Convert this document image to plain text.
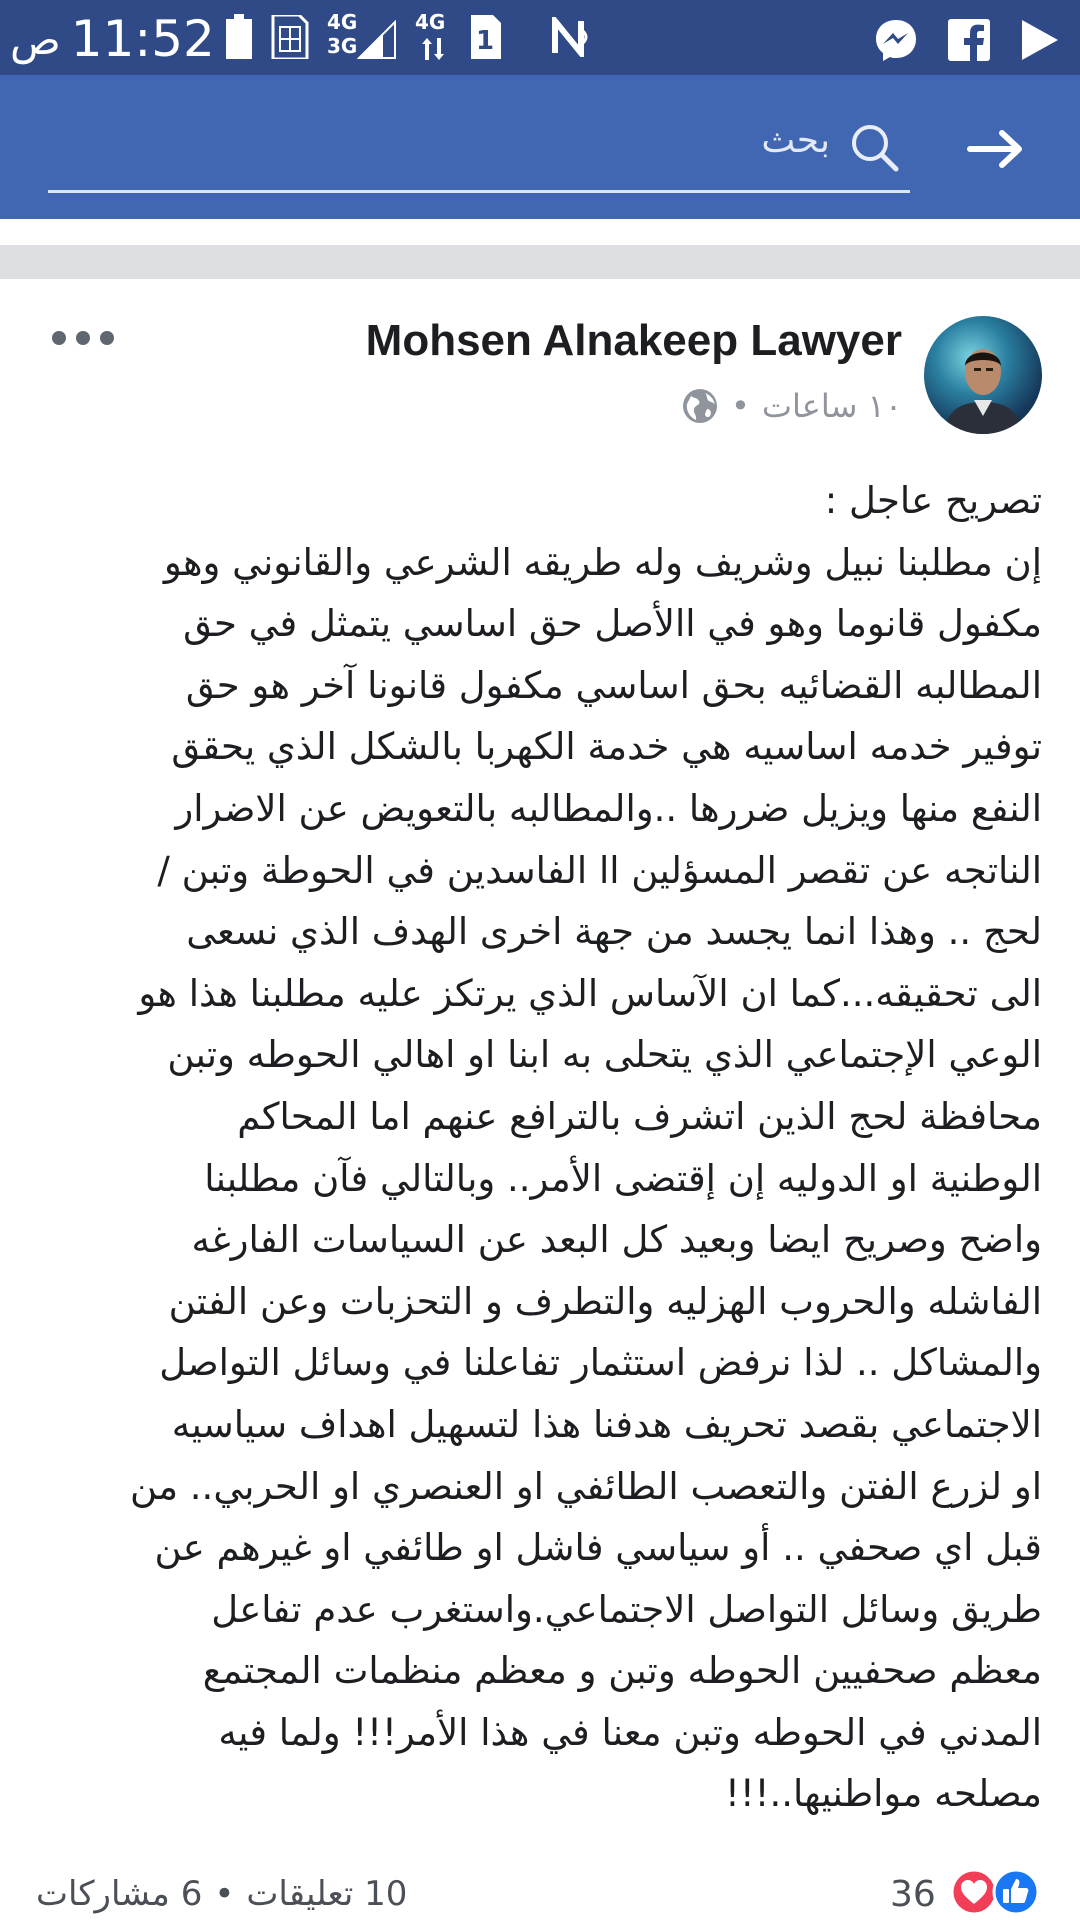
ص 11:52	4G
3G
4G
1
بحث
Mohsen Alnakeep Lawyer
١٠ ساعات
•
تصريح عاجل :
إن مطلبنا نبيل وشريف وله طريقه الشرعي والقانوني وهو
مكفول قانوما وهو في االأصل حق اساسي يتمثل في حق
المطالبه القضائيه بحق اساسي مكفول قانونا آخر هو حق
توفير خدمه اساسيه هي خدمة الكهربا بالشكل الذي يحقق
النفع منها ويزيل ضررها ..والمطالبه بالتعويض عن الاضرار
الناتجه عن تقصر المسؤلين اا الفاسدين في الحوطة وتبن /
لحج .. وهذا انما يجسد من جهة اخرى الهدف الذي نسعى
الى تحقيقه...كما ان الآساس الذي يرتكز عليه مطلبنا هذا هو
الوعي الإجتماعي الذي يتحلى به ابنا او اهالي الحوطه وتبن
محافظة لحج الذين اتشرف بالترافع عنهم اما المحاكم
الوطنية او الدوليه إن إقتضى الأمر.. وبالتالي فآن مطلبنا
واضح وصريح ايضا وبعيد كل البعد عن السياسات الفارغه
الفاشله والحروب الهزليه والتطرف و التحزبات وعن الفتن
والمشاكل .. لذا نرفض استثمار تفاعلنا في وسائل التواصل
الاجتماعي بقصد تحريف هدفنا هذا لتسهيل اهداف سياسيه
او لزرع الفتن والتعصب الطائفي او العنصري او الحربي.. من
قبل اي صحفي .. أو سياسي فاشل او طائفي او غيرهم عن
طريق وسائل التواصل الاجتماعي.واستغرب عدم تفاعل
معظم صحفيين الحوطه وتبن و معظم منظمات المجتمع
المدني في الحوطه وتبن معنا في هذا الأمر!!! ولما فيه
مصلحه مواطنيها..!!!
10 تعليقات
•
6 مشاركات	36
